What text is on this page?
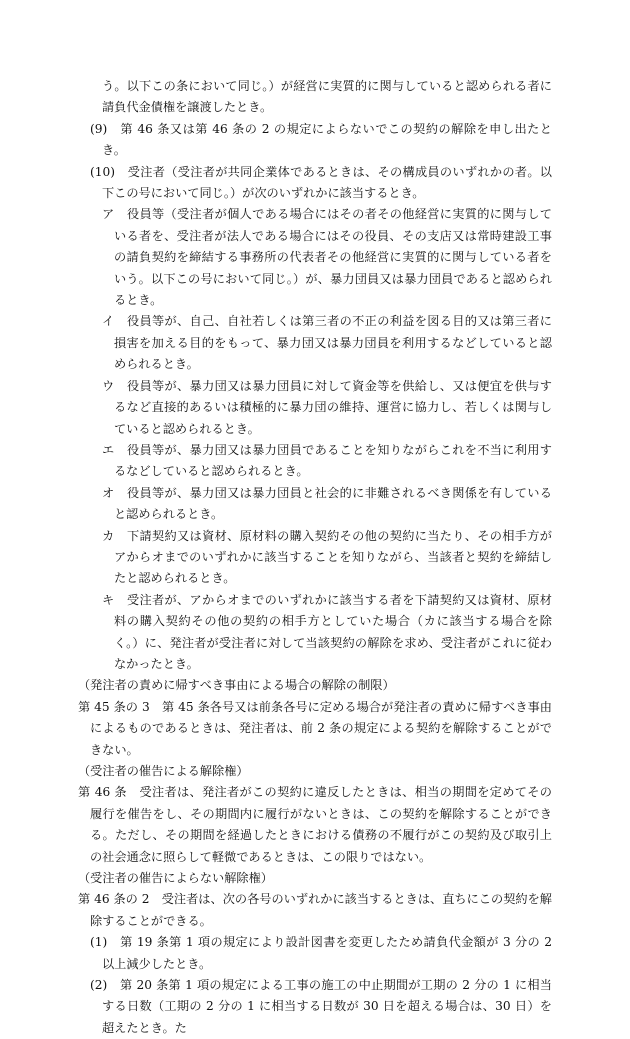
う。以下この条において同じ。）が経営に実質的に関与していると認められる者に請負代金債権を譲渡したとき。

(9)　第 46 条又は第 46 条の 2 の規定によらないでこの契約の解除を申し出たとき。

(10)　受注者（受注者が共同企業体であるときは、その構成員のいずれかの者。以下この号において同じ。）が次のいずれかに該当するとき。

ア　役員等（受注者が個人である場合にはその者その他経営に実質的に関与している者を、受注者が法人である場合にはその役員、その支店又は常時建設工事の請負契約を締結する事務所の代表者その他経営に実質的に関与している者をいう。以下この号において同じ。）が、暴力団員又は暴力団員であると認められるとき。

イ　役員等が、自己、自社若しくは第三者の不正の利益を図る目的又は第三者に損害を加える目的をもって、暴力団又は暴力団員を利用するなどしていると認められるとき。

ウ　役員等が、暴力団又は暴力団員に対して資金等を供給し、又は便宜を供与するなど直接的あるいは積極的に暴力団の維持、運営に協力し、若しくは関与していると認められるとき。

エ　役員等が、暴力団又は暴力団員であることを知りながらこれを不当に利用するなどしていると認められるとき。

オ　役員等が、暴力団又は暴力団員と社会的に非難されるべき関係を有していると認められるとき。

カ　下請契約又は資材、原材料の購入契約その他の契約に当たり、その相手方がアからオまでのいずれかに該当することを知りながら、当該者と契約を締結したと認められるとき。

キ　受注者が、アからオまでのいずれかに該当する者を下請契約又は資材、原材料の購入契約その他の契約の相手方としていた場合（カに該当する場合を除く。）に、発注者が受注者に対して当該契約の解除を求め、受注者がこれに従わなかったとき。

（発注者の責めに帰すべき事由による場合の解除の制限）

第 45 条の 3　第 45 条各号又は前条各号に定める場合が発注者の責めに帰すべき事由によるものであるときは、発注者は、前 2 条の規定による契約を解除することができない。

（受注者の催告による解除権）

第 46 条　受注者は、発注者がこの契約に違反したときは、相当の期間を定めてその履行を催告をし、その期間内に履行がないときは、この契約を解除することができる。ただし、その期間を経過したときにおける債務の不履行がこの契約及び取引上の社会通念に照らして軽微であるときは、この限りではない。

（受注者の催告によらない解除権）

第 46 条の 2　受注者は、次の各号のいずれかに該当するときは、直ちにこの契約を解除することができる。

(1)　第 19 条第 1 項の規定により設計図書を変更したため請負代金額が 3 分の 2 以上減少したとき。

(2)　第 20 条第 1 項の規定による工事の施工の中止期間が工期の 2 分の 1 に相当する日数（工期の 2 分の 1 に相当する日数が 30 日を超える場合は、30 日）を超えたとき。た
